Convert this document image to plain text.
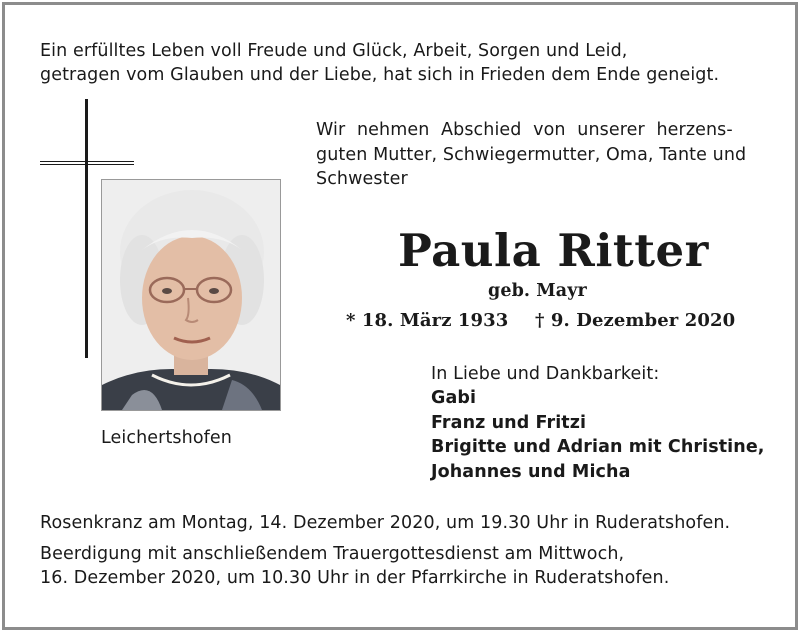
Ein erfülltes Leben voll Freude und Glück, Arbeit, Sorgen und Leid,
getragen vom Glauben und der Liebe, hat sich in Frieden dem Ende geneigt.
Wir nehmen Abschied von unserer herzens-
guten Mutter, Schwiegermutter, Oma, Tante und
Schwester
Leichertshofen
Paula Ritter
geb. Mayr
* 18. März 1933 † 9. Dezember 2020
In Liebe und Dankbarkeit:
Gabi
Franz und Fritzi
Brigitte und Adrian mit Christine,
Johannes und Micha
Rosenkranz am Montag, 14. Dezember 2020, um 19.30 Uhr in Ruderatshofen.
Beerdigung mit anschließendem Trauergottesdienst am Mittwoch,
16. Dezember 2020, um 10.30 Uhr in der Pfarrkirche in Ruderatshofen.
